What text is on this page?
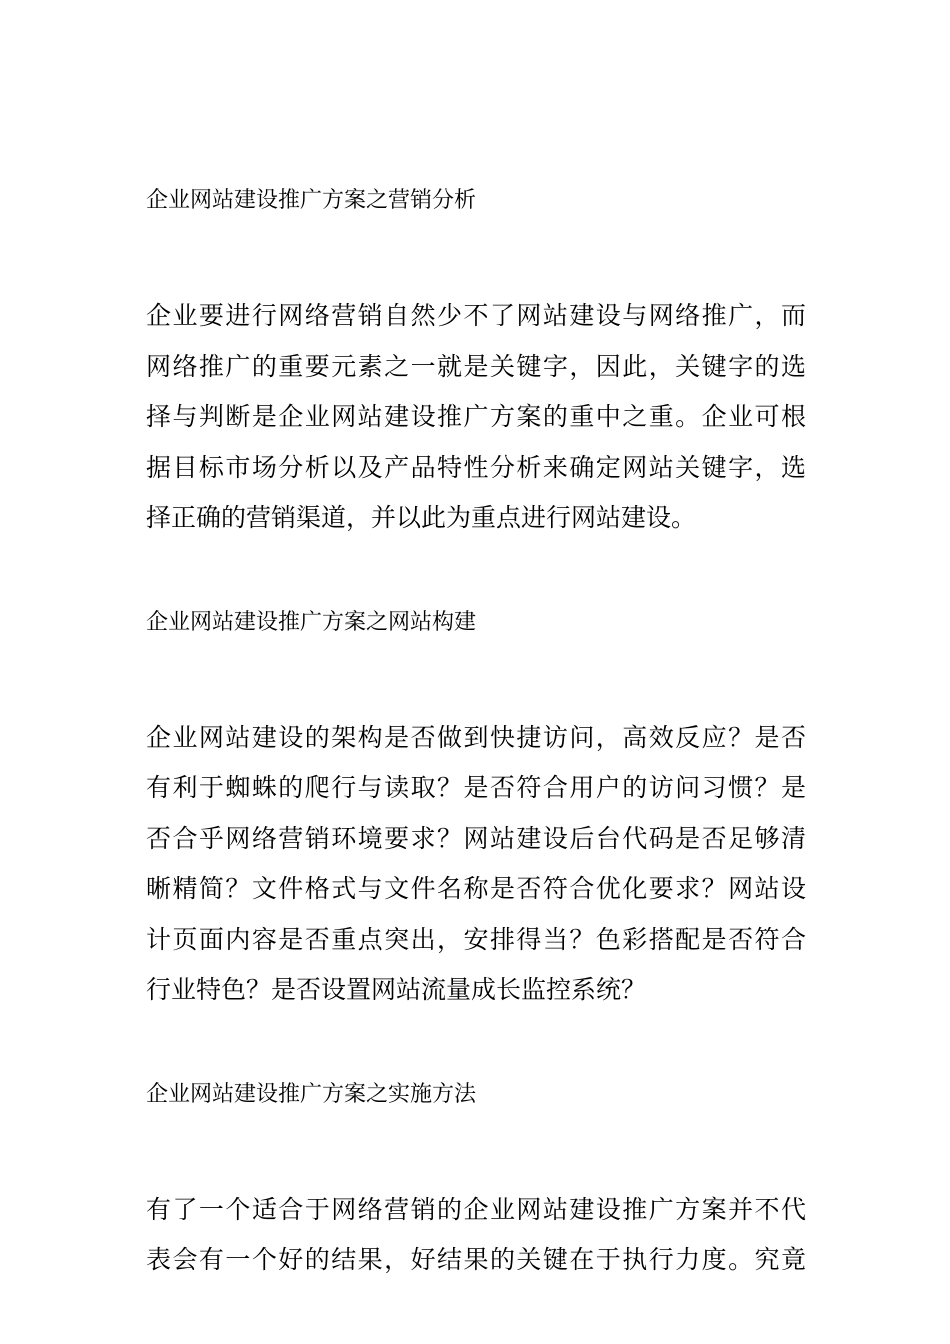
企业网站建设推广方案之营销分析

企业要进行网络营销自然少不了网站建设与网络推广，而
网络推广的重要元素之一就是关键字，因此，关键字的选
择与判断是企业网站建设推广方案的重中之重。企业可根
据目标市场分析以及产品特性分析来确定网站关键字，选
择正确的营销渠道，并以此为重点进行网站建设。

企业网站建设推广方案之网站构建

企业网站建设的架构是否做到快捷访问，高效反应？是否
有利于蜘蛛的爬行与读取？是否符合用户的访问习惯？是
否合乎网络营销环境要求？网站建设后台代码是否足够清
晰精简？文件格式与文件名称是否符合优化要求？网站设
计页面内容是否重点突出，安排得当？色彩搭配是否符合
行业特色？是否设置网站流量成长监控系统？

企业网站建设推广方案之实施方法

有了一个适合于网络营销的企业网站建设推广方案并不代
表会有一个好的结果，好结果的关键在于执行力度。究竟
